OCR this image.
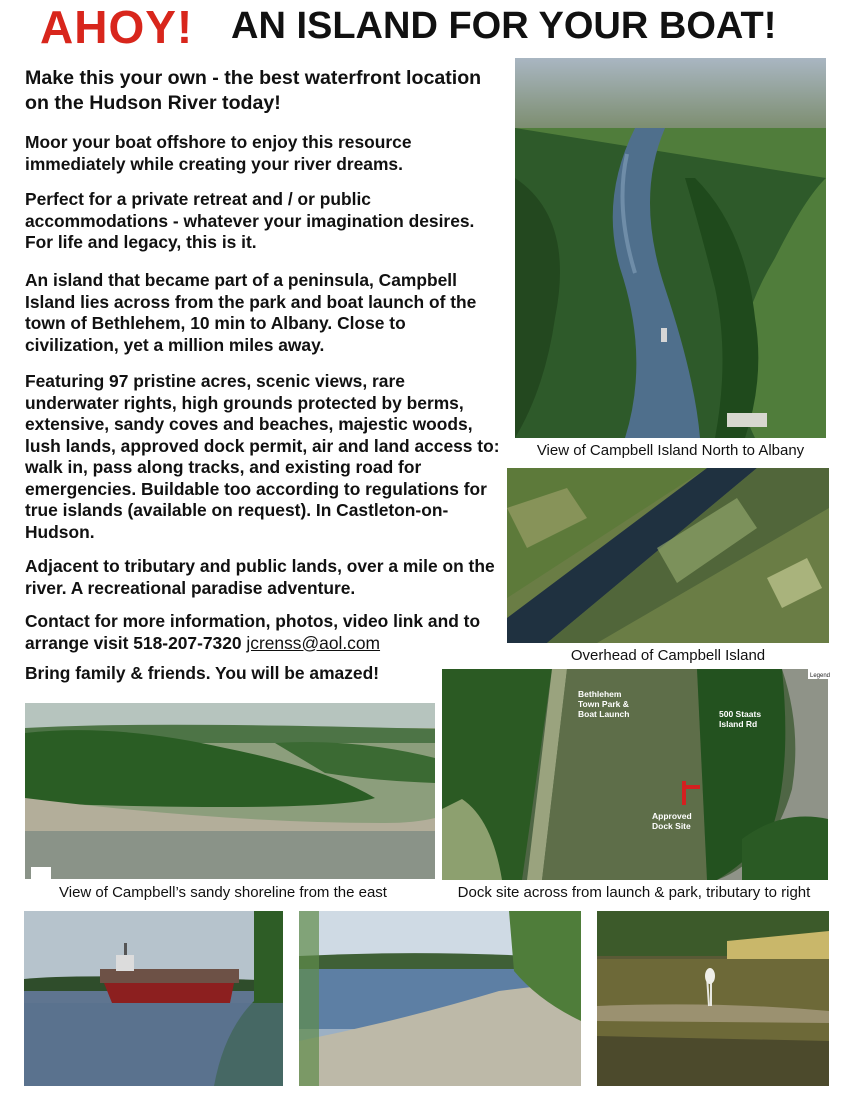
AHOY! AN ISLAND FOR YOUR BOAT!

Make this your own - the best waterfront location on the Hudson River today!

Moor your boat offshore to enjoy this resource immediately while creating your river dreams.

Perfect for a private retreat and / or public accommodations - whatever your imagination desires. For life and legacy, this is it.

An island that became part of a peninsula, Campbell Island lies across from the park and boat launch of the town of Bethlehem, 10 min to Albany. Close to civilization, yet a million miles away.

Featuring 97 pristine acres, scenic views, rare underwater rights, high grounds protected by berms, extensive, sandy coves and beaches, majestic woods, lush lands, approved dock permit, air and land access to: walk in, pass along tracks, and existing road for emergencies. Buildable too according to regulations for true islands (available on request). In Castleton-on-Hudson.

Adjacent to tributary and public lands, over a mile on the river. A recreational paradise adventure.

Contact for more information, photos, video link and to arrange visit 518-207-7320 jcrenss@aol.com

Bring family & friends. You will be amazed!

View of Campbell Island North to Albany
Overhead of Campbell Island
View of Campbell’s sandy shoreline from the east
Legend
Bethlehem
Town Park &
Boat Launch	500 Staats
Island Rd
Approved
Dock Site
Dock site across from launch & park, tributary to right
